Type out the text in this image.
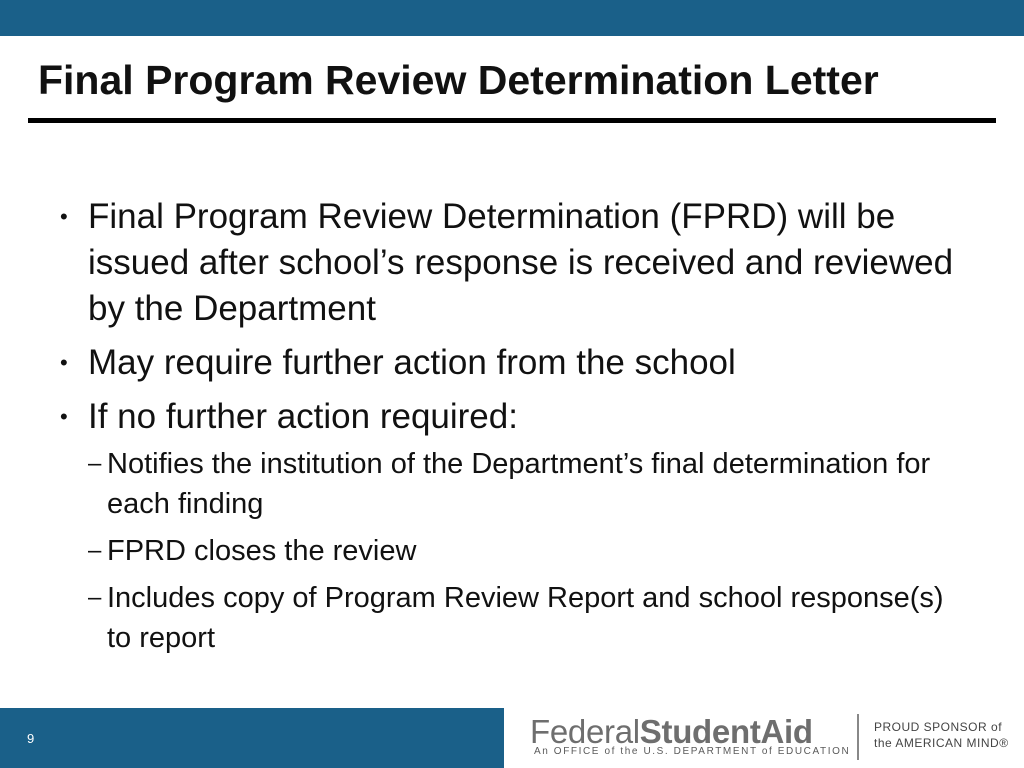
Final Program Review Determination Letter
• Final Program Review Determination (FPRD) will be issued after school’s response is received and reviewed by the Department
• May require further action from the school
• If no further action required:
– Notifies the institution of the Department’s final determination for each finding
– FPRD closes the review
– Includes copy of Program Review Report and school response(s) to report
9	FederalStudentAid
An OFFICE of the U.S. DEPARTMENT of EDUCATION
PROUD SPONSOR of
the AMERICAN MIND®
